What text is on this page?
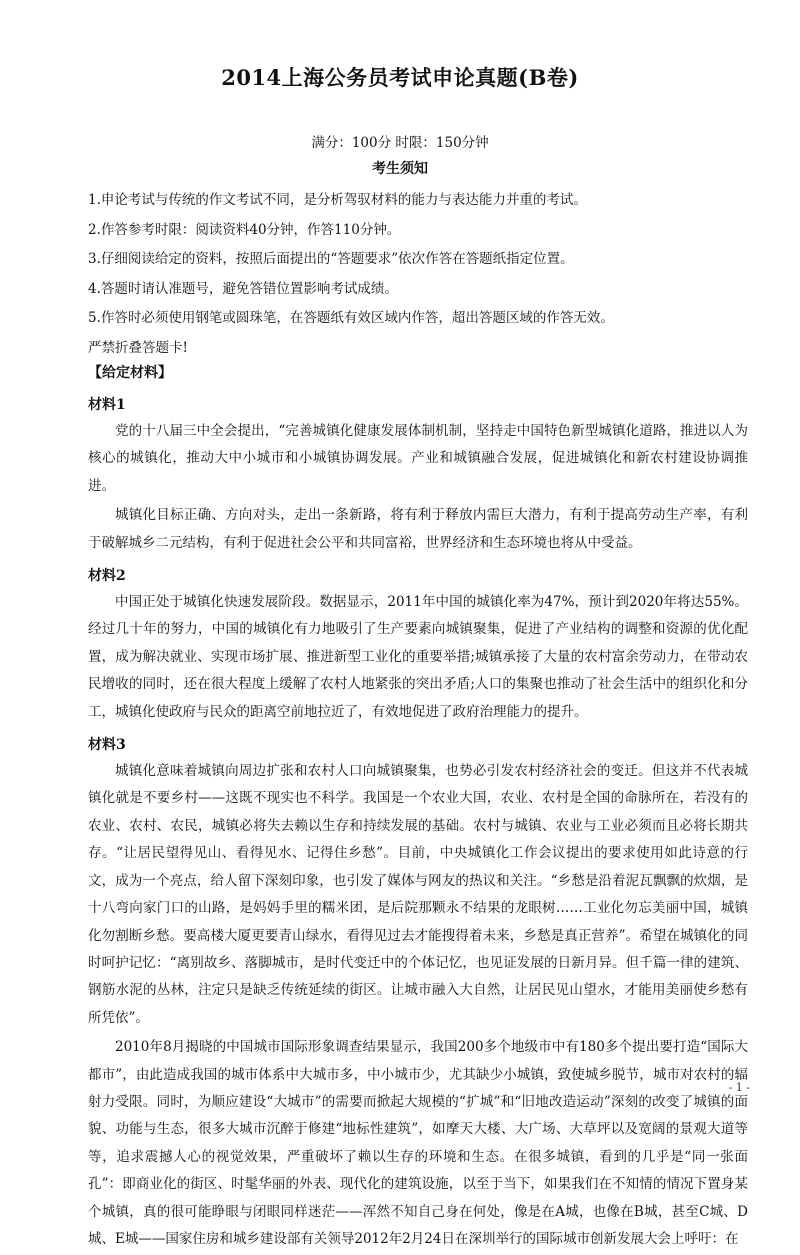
2014上海公务员考试申论真题(B卷)
满分：100分 时限：150分钟
考生须知
1.申论考试与传统的作文考试不同，是分析驾驭材料的能力与表达能力并重的考试。
2.作答参考时限：阅读资料40分钟，作答110分钟。
3.仔细阅读给定的资料，按照后面提出的“答题要求”依次作答在答题纸指定位置。
4.答题时请认准题号，避免答错位置影响考试成绩。
5.作答时必须使用钢笔或圆珠笔，在答题纸有效区域内作答，超出答题区域的作答无效。
严禁折叠答题卡!
【给定材料】
材料1

党的十八届三中全会提出，“完善城镇化健康发展体制机制，坚持走中国特色新型城镇化道路，推进以人为核心的城镇化，推动大中小城市和小城镇协调发展。产业和城镇融合发展，促进城镇化和新农村建设协调推进。

城镇化目标正确、方向对头，走出一条新路，将有利于释放内需巨大潜力，有利于提高劳动生产率，有利于破解城乡二元结构，有利于促进社会公平和共同富裕，世界经济和生态环境也将从中受益。

材料2

中国正处于城镇化快速发展阶段。数据显示，2011年中国的城镇化率为47%，预计到2020年将达55%。经过几十年的努力，中国的城镇化有力地吸引了生产要素向城镇聚集，促进了产业结构的调整和资源的优化配置，成为解决就业、实现市场扩展、推进新型工业化的重要举措;城镇承接了大量的农村富余劳动力，在带动农民增收的同时，还在很大程度上缓解了农村人地紧张的突出矛盾;人口的集聚也推动了社会生活中的组织化和分工，城镇化使政府与民众的距离空前地拉近了，有效地促进了政府治理能力的提升。

材料3

城镇化意味着城镇向周边扩张和农村人口向城镇聚集，也势必引发农村经济社会的变迁。但这并不代表城镇化就是不要乡村——这既不现实也不科学。我国是一个农业大国，农业、农村是全国的命脉所在，若没有的农业、农村、农民，城镇必将失去赖以生存和持续发展的基础。农村与城镇、农业与工业必须而且必将长期共存。“让居民望得见山、看得见水、记得住乡愁”。目前，中央城镇化工作会议提出的要求使用如此诗意的行文，成为一个亮点，给人留下深刻印象，也引发了媒体与网友的热议和关注。“乡愁是沿着泥瓦飘飘的炊烟，是十八弯向家门口的山路，是妈妈手里的糯米团，是后院那颗永不结果的龙眼树……工业化勿忘美丽中国，城镇化勿割断乡愁。要高楼大厦更要青山绿水，看得见过去才能搜得着未来，乡愁是真正营养”。希望在城镇化的同时呵护记忆：“离别故乡、落脚城市，是时代变迁中的个体记忆，也见证发展的日新月异。但千篇一律的建筑、钢筋水泥的丛林，注定只是缺乏传统延续的街区。让城市融入大自然，让居民见山望水，才能用美丽使乡愁有所凭依”。

2010年8月揭晓的中国城市国际形象调查结果显示，我国200多个地级市中有180多个提出要打造“国际大都市”，由此造成我国的城市体系中大城市多，中小城市少，尤其缺少小城镇，致使城乡脱节，城市对农村的辐射力受限。同时，为顺应建设“大城市”的需要而掀起大规模的“扩城”和“旧地改造运动”深刻的改变了城镇的面貌、功能与生态，很多大城市沉醉于修建“地标性建筑”，如摩天大楼、大广场、大草坪以及宽阔的景观大道等等，追求震撼人心的视觉效果，严重破坏了赖以生存的环境和生态。在很多城镇，看到的几乎是“同一张面孔”：即商业化的街区、时髦华丽的外表、现代化的建筑设施，以至于当下，如果我们在不知情的情况下置身某个城镇，真的很可能睁眼与闭眼同样迷茫——浑然不知自己身在何处，像是在A城，也像在B城，甚至C城、D城、E城——国家住房和城乡建设部有关领导2012年2月24日在深圳举行的国际城市创新发展大会上呼吁：在

- 1 -
